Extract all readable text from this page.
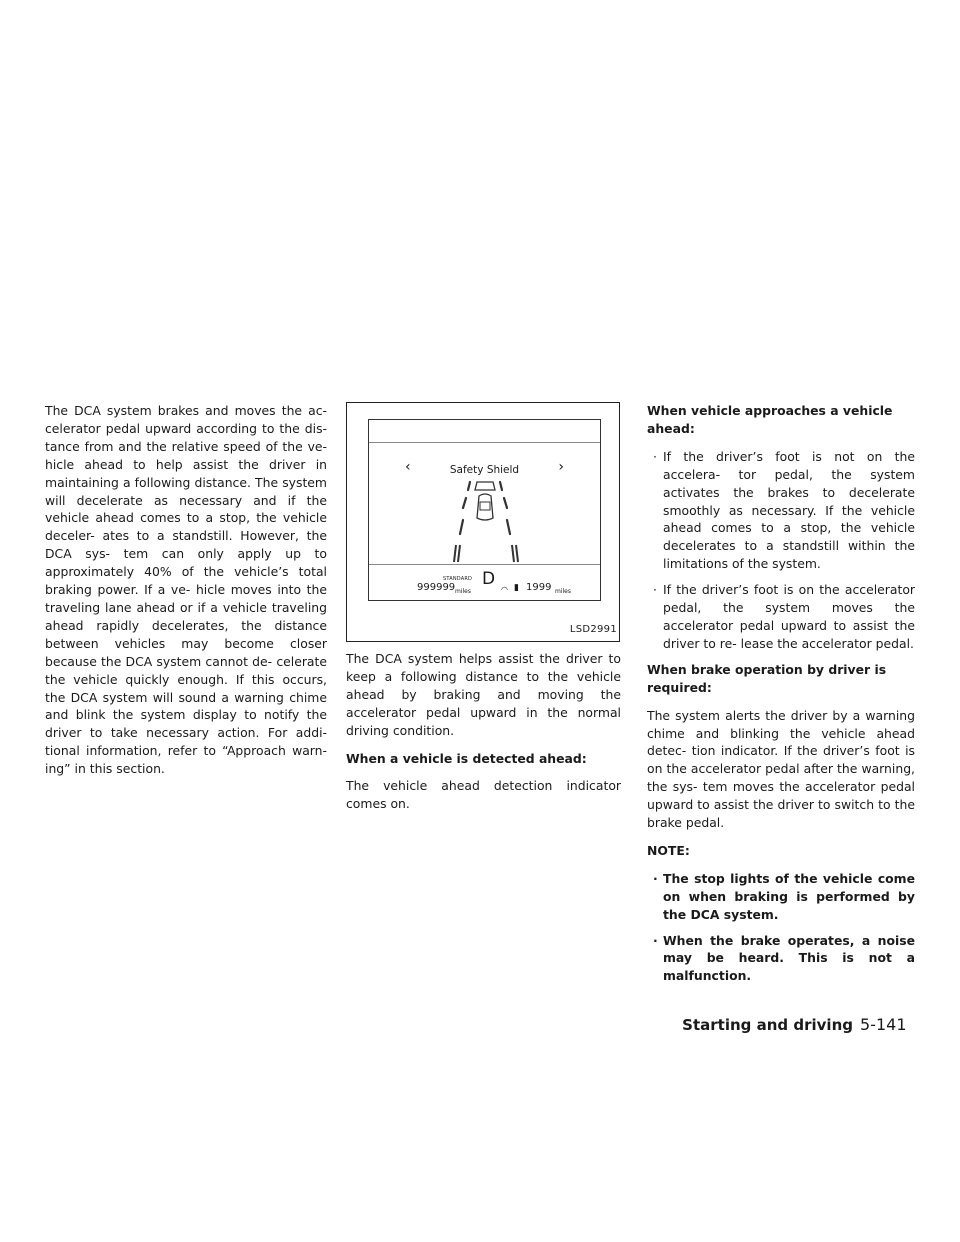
The DCA system brakes and moves the ac- celerator pedal upward according to the dis- tance from and the relative speed of the ve- hicle ahead to help assist the driver in maintaining a following distance. The system will decelerate as necessary and if the vehicle ahead comes to a stop, the vehicle deceler- ates to a standstill. However, the DCA sys- tem can only apply up to approximately 40% of the vehicle’s total braking power. If a ve- hicle moves into the traveling lane ahead or if a vehicle traveling ahead rapidly decelerates, the distance between vehicles may become closer because the DCA system cannot de- celerate the vehicle quickly enough. If this occurs, the DCA system will sound a warning chime and blink the system display to notify the driver to take necessary action. For addi- tional information, refer to “Approach warn- ing” in this section.

‹	Safety Shield	›
STANDARD
999999 miles
D
◠ ▮ 1999 miles
LSD2991

The DCA system helps assist the driver to keep a following distance to the vehicle ahead by braking and moving the accelerator pedal upward in the normal driving condition.

When a vehicle is detected ahead:

The vehicle ahead detection indicator comes on.

When vehicle approaches a vehicle ahead:

· If the driver’s foot is not on the accelera- tor pedal, the system activates the brakes to decelerate smoothly as necessary. If the vehicle ahead comes to a stop, the vehicle decelerates to a standstill within the limitations of the system.
· If the driver’s foot is on the accelerator pedal, the system moves the accelerator pedal upward to assist the driver to re- lease the accelerator pedal.

When brake operation by driver is required:

The system alerts the driver by a warning chime and blinking the vehicle ahead detec- tion indicator. If the driver’s foot is on the accelerator pedal after the warning, the sys- tem moves the accelerator pedal upward to assist the driver to switch to the brake pedal.

NOTE:

· The stop lights of the vehicle come on when braking is performed by the DCA system.
· When the brake operates, a noise may be heard. This is not a malfunction.
Starting and driving 5-141
